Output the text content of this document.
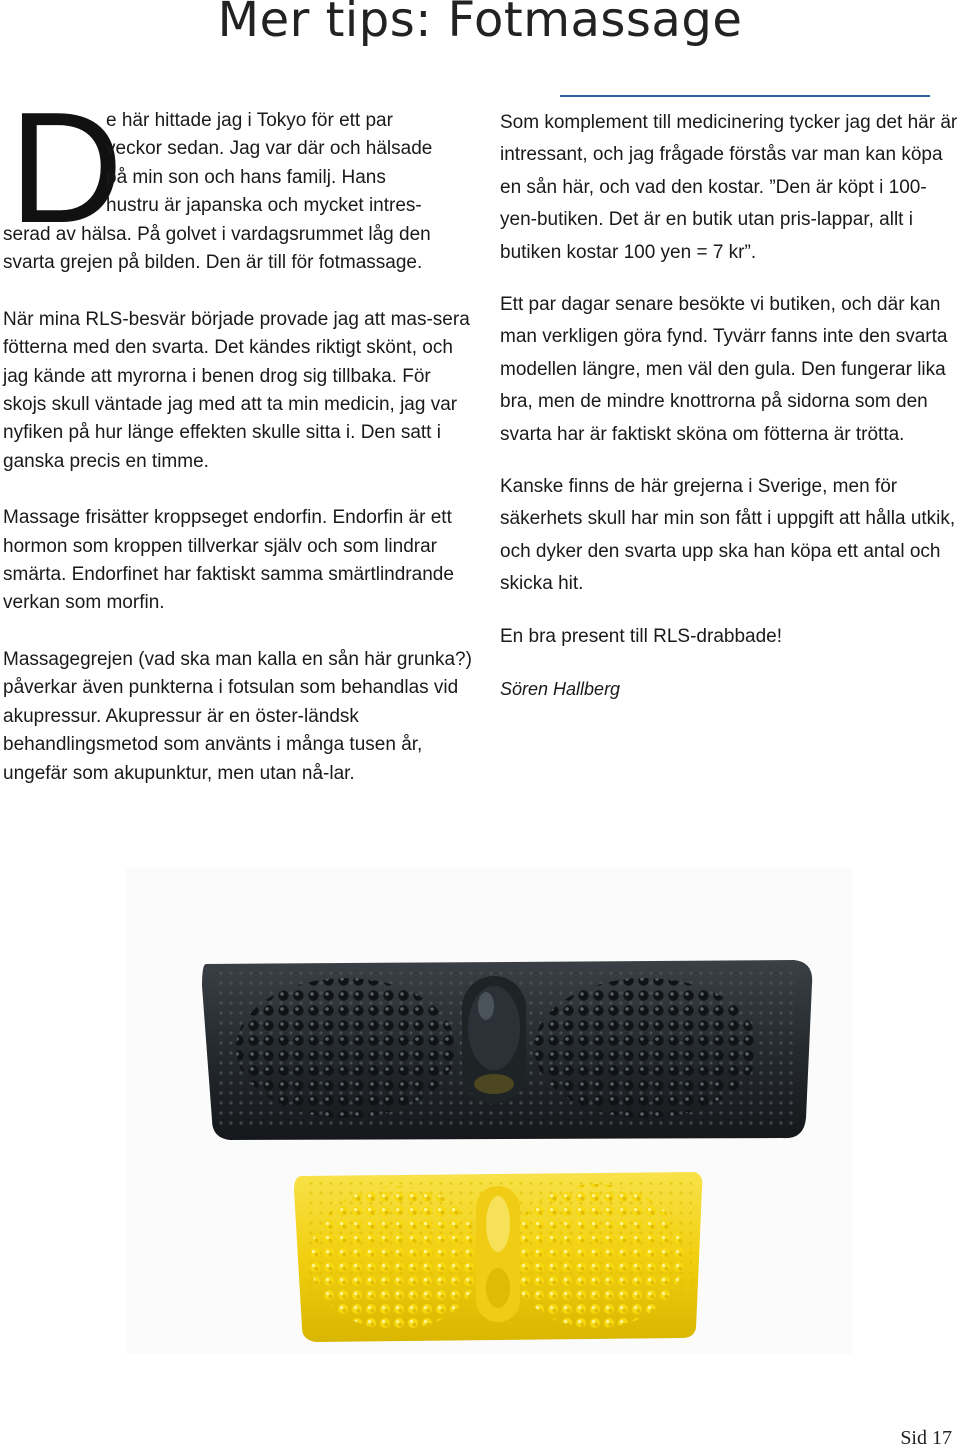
Mer tips: Fotmassage
D
e här hittade jag i Tokyo för ett par
veckor sedan. Jag var där och hälsade
på min son och hans familj. Hans
hustru är japanska och mycket intres-
serad av hälsa. På golvet i vardagsrummet låg den
svarta grejen på bilden. Den är till för fotmassage.

När mina RLS-besvär började provade jag att mas-sera fötterna med den svarta. Det kändes riktigt skönt, och jag kände att myrorna i benen drog sig tillbaka. För skojs skull väntade jag med att ta min medicin, jag var nyfiken på hur länge effekten skulle sitta i. Den satt i ganska precis en timme.

Massage frisätter kroppseget endorfin. Endorfin är ett hormon som kroppen tillverkar själv och som lindrar smärta. Endorfinet har faktiskt samma smärtlindrande verkan som morfin.

Massagegrejen (vad ska man kalla en sån här grunka?) påverkar även punkterna i fotsulan som behandlas vid akupressur. Akupressur är en öster-ländsk behandlingsmetod som använts i många tusen år, ungefär som akupunktur, men utan nå-lar.

Som komplement till medicinering tycker jag det här är intressant, och jag frågade förstås var man kan köpa en sån här, och vad den kostar. ”Den är köpt i 100-yen-butiken. Det är en butik utan pris-lappar, allt i butiken kostar 100 yen = 7 kr”.

Ett par dagar senare besökte vi butiken, och där kan man verkligen göra fynd. Tyvärr fanns inte den svarta modellen längre, men väl den gula. Den fungerar lika bra, men de mindre knottrorna på sidorna som den svarta har är faktiskt sköna om fötterna är trötta.

Kanske finns de här grejerna i Sverige, men för säkerhets skull har min son fått i uppgift att hålla utkik, och dyker den svarta upp ska han köpa ett antal och skicka hit.

En bra present till RLS-drabbade!

Sören Hallberg

Sid 17
